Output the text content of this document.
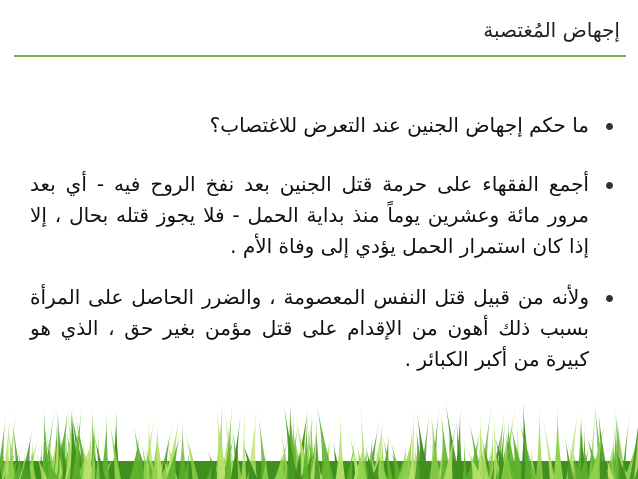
إجهاض المُغتصبة
ما حكم إجهاض الجنين عند التعرض للاغتصاب؟
أجمع الفقهاء على حرمة قتل الجنين بعد نفخ الروح فيه - أي بعد مرور مائة وعشرين يوماً منذ بداية الحمل - فلا يجوز قتله بحال ، إلا إذا كان استمرار الحمل يؤدي إلى وفاة الأم .
ولأنه من قبيل قتل النفس المعصومة ، والضرر الحاصل على المرأة بسبب ذلك أهون من الإقدام على قتل مؤمن بغير حق ، الذي هو كبيرة من أكبر الكبائر .
